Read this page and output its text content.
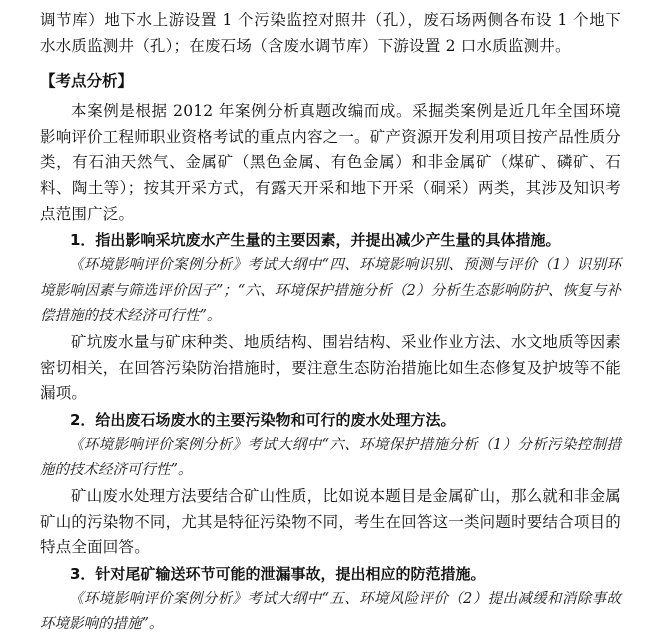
调节库）地下水上游设置 1 个污染监控对照井（孔），废石场两侧各布设 1 个地下水水质监测井（孔）；在废石场（含废水调节库）下游设置 2 口水质监测井。

【考点分析】

本案例是根据 2012 年案例分析真题改编而成。采掘类案例是近几年全国环境影响评价工程师职业资格考试的重点内容之一。矿产资源开发利用项目按产品性质分类，有石油天然气、金属矿（黑色金属、有色金属）和非金属矿（煤矿、磷矿、石料、陶土等）；按其开采方式，有露天开采和地下开采（硐采）两类，其涉及知识考点范围广泛。

1．指出影响采坑废水产生量的主要因素，并提出减少产生量的具体措施。

《环境影响评价案例分析》考试大纲中“四、环境影响识别、预测与评价（1）识别环境影响因素与筛选评价因子”；“六、环境保护措施分析（2）分析生态影响防护、恢复与补偿措施的技术经济可行性”。

矿坑废水量与矿床种类、地质结构、围岩结构、采业作业方法、水文地质等因素密切相关，在回答污染防治措施时，要注意生态防治措施比如生态修复及护坡等不能漏项。

2．给出废石场废水的主要污染物和可行的废水处理方法。

《环境影响评价案例分析》考试大纲中“六、环境保护措施分析（1）分析污染控制措施的技术经济可行性”。

矿山废水处理方法要结合矿山性质，比如说本题目是金属矿山，那么就和非金属矿山的污染物不同，尤其是特征污染物不同，考生在回答这一类问题时要结合项目的特点全面回答。

3．针对尾矿输送环节可能的泄漏事故，提出相应的防范措施。

《环境影响评价案例分析》考试大纲中“五、环境风险评价（2）提出减缓和消除事故环境影响的措施”。
